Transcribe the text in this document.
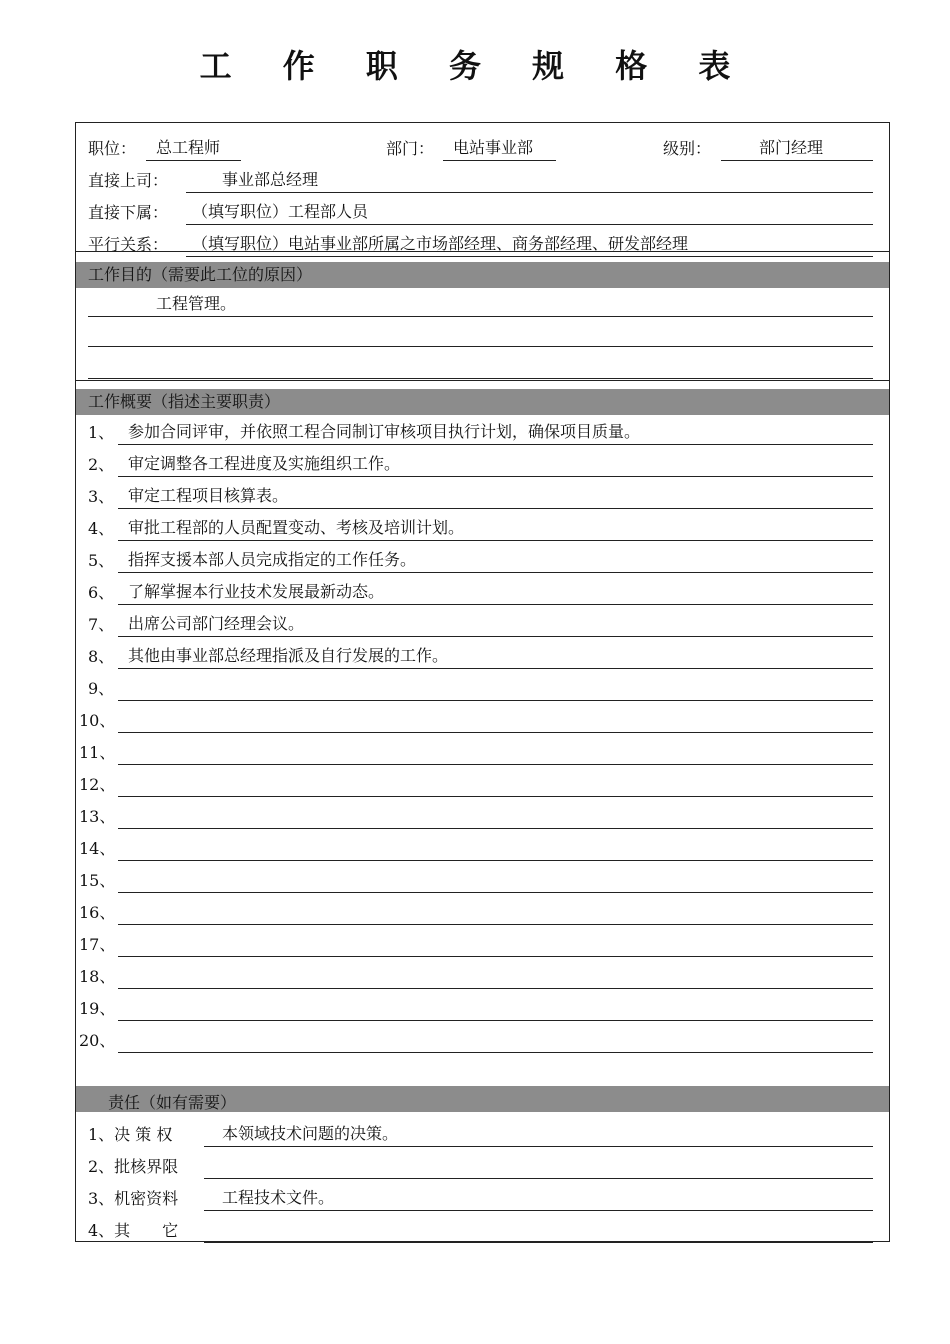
工 作 职 务 规 格 表
职位： 总工程师	部门： 电站事业部	级别：	部门经理
直接上司：	事业部总经理
直接下属： （填写职位）工程部人员
平行关系： （填写职位）电站事业部所属之市场部经理、商务部经理、研发部经理
工作目的（需要此工位的原因）
工程管理。
工作概要（指述主要职责）
1、 参加合同评审，并依照工程合同制订审核项目执行计划，确保项目质量。
2、 审定调整各工程进度及实施组织工作。
3、 审定工程项目核算表。
4、 审批工程部的人员配置变动、考核及培训计划。
5、 指挥支援本部人员完成指定的工作任务。
6、 了解掌握本行业技术发展最新动态。
7、 出席公司部门经理会议。
8、 其他由事业部总经理指派及自行发展的工作。
9、
10、
11、
12、
13、
14、
15、
16、
17、
18、
19、
20、
责任（如有需要）
1、决 策 权	本领域技术问题的决策。
2、批核界限
3、机密资料	工程技术文件。
4、其　　它
